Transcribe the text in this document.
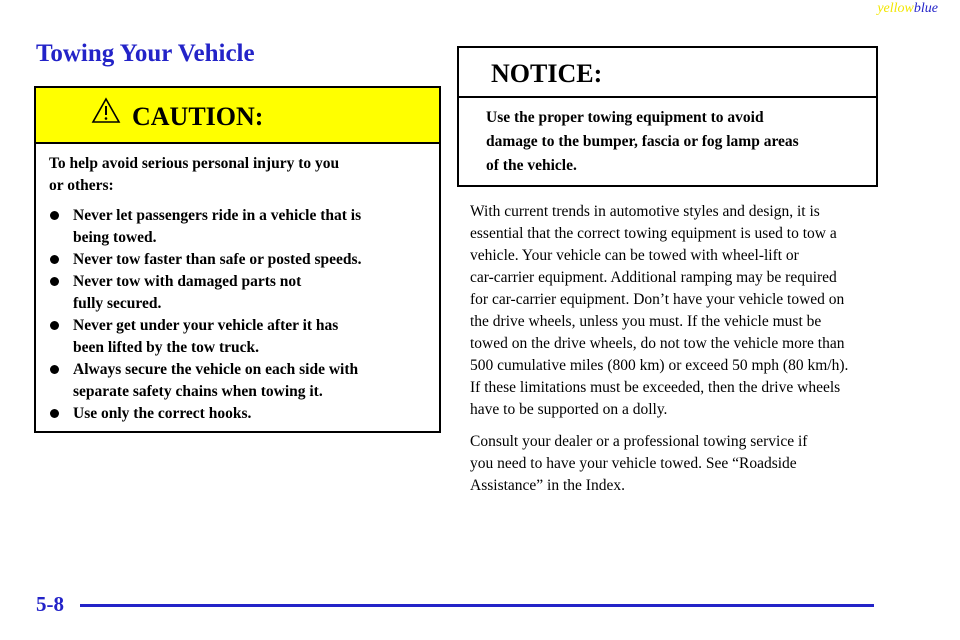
yellowblue
Towing Your Vehicle
CAUTION:

To help avoid serious personal injury to you
or others:

Never let passengers ride in a vehicle that is
being towed.
Never tow faster than safe or posted speeds.
Never tow with damaged parts not
fully secured.
Never get under your vehicle after it has
been lifted by the tow truck.
Always secure the vehicle on each side with
separate safety chains when towing it.
Use only the correct hooks.
NOTICE:

Use the proper towing equipment to avoid
damage to the bumper, fascia or fog lamp areas
of the vehicle.

With current trends in automotive styles and design, it is
essential that the correct towing equipment is used to tow a
vehicle. Your vehicle can be towed with wheel-lift or
car-carrier equipment. Additional ramping may be required
for car-carrier equipment. Don’t have your vehicle towed on
the drive wheels, unless you must. If the vehicle must be
towed on the drive wheels, do not tow the vehicle more than
500 cumulative miles (800 km) or exceed 50 mph (80 km/h).
If these limitations must be exceeded, then the drive wheels
have to be supported on a dolly.

Consult your dealer or a professional towing service if
you need to have your vehicle towed. See “Roadside
Assistance” in the Index.

5-8
